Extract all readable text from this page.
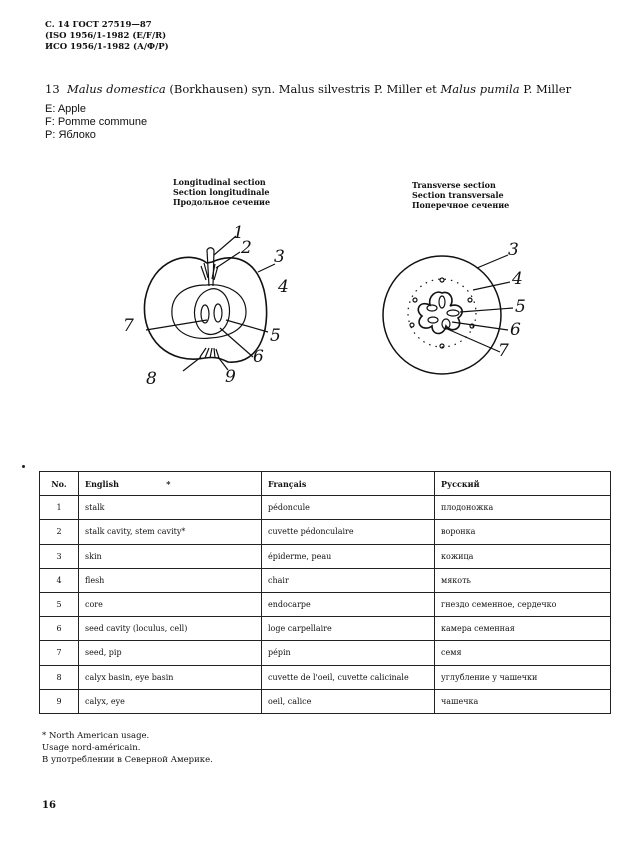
С. 14 ГОСТ 27519—87
(ISO 1956/1-1982 (E/F/R)
ИСО 1956/1-1982 (А/Ф/Р)
13 Malus domestica (Borkhausen) syn. Malus silvestris P. Miller et Malus pumila P. Miller
E: Apple
F: Pomme commune
P: Яблоко
Longitudinal section
Section longitudinale
Продольное сечение
Transverse section
Section transversale
Поперечное сечение
1
2 3
4
5
6
7
8	9
3
4
5
6
7
No.	English *	Français	Русский
1	stalk	pédoncule	плодоножка
2	stalk cavity, stem cavity*	cuvette pédonculaire	воронка
3	skin	épiderme, peau	кожица
4	flesh	chair	мякоть
5	core	endocarpe	гнездо семенное, сердечко
6	seed cavity (loculus, cell)	loge carpellaire	камера семенная
7	seed, pip	pépin	семя
8	calyx basin, eye basin	cuvette de l'oeil, cuvette calicinale	углубление у чашечки
9	calyx, eye	oeil, calice	чашечка
* North American usage.
Usage nord-américain.
В употреблении в Северной Америке.
16
